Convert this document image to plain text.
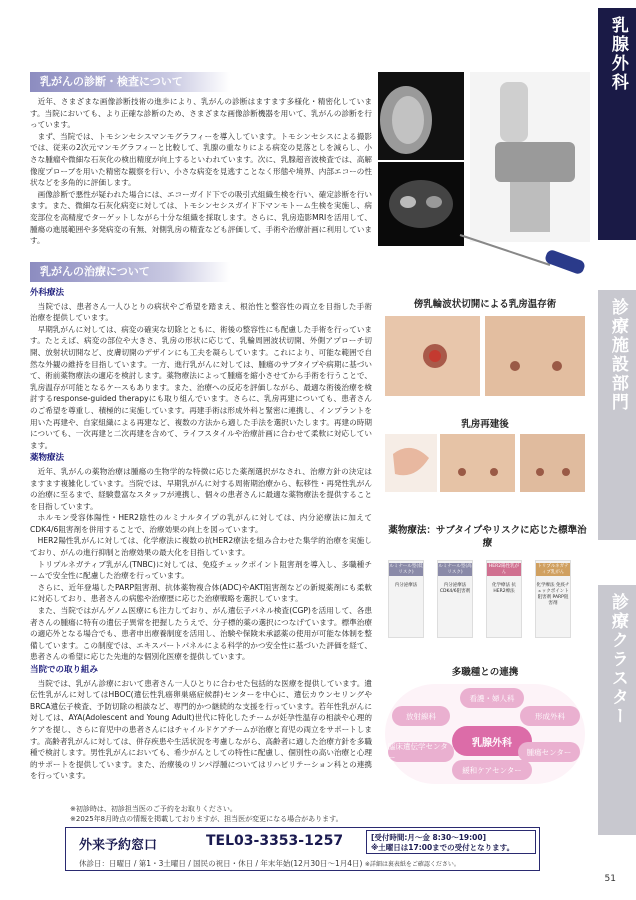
乳腺外科
診療施設部門
診療クラスター
51
乳がんの診断・検査について

近年、さまざまな画像診断技術の進歩により、乳がんの診断はますます多様化・精密化しています。当院においても、より正確な診断のため、さまざまな画像診断機器を用いて、乳がんの診断を行っています。

まず、当院では、トモシンセシスマンモグラフィーを導入しています。トモシンセシスによる撮影では、従来の2次元マンモグラフィーと比較して、乳腺の重なりによる病変の見落としを減らし、小さな腫瘤や微細な石灰化の検出精度が向上するといわれています。次に、乳腺超音波検査では、高解像度プローブを用いた精密な観察を行い、小さな病変を見逃すことなく形態や境界、内部エコーの性状などを多角的に評価します。

画像診断で悪性が疑われた場合には、エコーガイド下での吸引式組織生検を行い、確定診断を行います。また、微細な石灰化病変に対しては、トモシンセシスガイド下マンモトーム生検を実施し、病変部位を高精度でターゲットしながら十分な組織を採取します。さらに、乳房造影MRIを活用して、腫瘍の進展範囲や多発病変の有無、対側乳房の精査なども評価して、手術や治療計画に利用しています。

乳がんの治療について
外科療法

当院では、患者さん一人ひとりの病状やご希望を踏まえ、根治性と整容性の両立を目指した手術治療を提供しています。

早期乳がんに対しては、病変の確実な切除とともに、術後の整容性にも配慮した手術を行っています。たとえば、病変の部位や大きさ、乳房の形状に応じて、乳輪周囲波状切開、外側アプローチ切開、放射状切開など、皮膚切開のデザインにも工夫を凝らしています。これにより、可能な範囲で自然な外観の維持を目指しています。一方、進行乳がんに対しては、腫瘍のサブタイプや病期に基づいて、術前薬物療法の適応を検討します。薬物療法によって腫瘍を縮小させてから手術を行うことで、乳房温存が可能となるケースもあります。また、治療への反応を評価しながら、最適な術後治療を検討するresponse-guided therapyにも取り組んでいます。さらに、乳房再建についても、患者さんのご希望を尊重し、積極的に実施しています。再建手術は形成外科と緊密に連携し、インプラントを用いた再建や、自家組織による再建など、複数の方法から適した手法を選択いたします。再建の時期についても、一次再建と二次再建を含めて、ライフスタイルや治療計画に合わせて柔軟に対応しています。

薬物療法

近年、乳がんの薬物治療は腫瘍の生物学的な特徴に応じた薬剤選択がなされ、治療方針の決定はますます複雑化しています。当院では、早期乳がんに対する周術期治療から、転移性・再発性乳がんの治療に至るまで、経験豊富なスタッフが連携し、個々の患者さんに最適な薬物療法を提供することを目指しています。

ホルモン受容体陽性・HER2陰性のルミナルタイプの乳がんに対しては、内分泌療法に加えてCDK4/6阻害剤を併用することで、治療効果の向上を図っています。

HER2陽性乳がんに対しては、化学療法に複数の抗HER2療法を組み合わせた集学的治療を実施しており、がんの進行抑制と治療効果の最大化を目指しています。

トリプルネガティブ乳がん(TNBC)に対しては、免疫チェックポイント阻害剤を導入し、多職種チームで安全性に配慮した治療を行っています。

さらに、近年登場したPARP阻害剤、抗体薬物複合体(ADC)やAKT阻害剤などの新規薬剤にも柔軟に対応しており、患者さんの病態や治療歴に応じた治療戦略を選択しています。

また、当院ではがんゲノム医療にも注力しており、がん遺伝子パネル検査(CGP)を活用して、各患者さんの腫瘍に特有の遺伝子異常を把握したうえで、分子標的薬の選択につなげています。標準治療の適応外となる場合でも、患者申出療養制度を活用し、治験や保険未承認薬の使用が可能な体制を整備しています。この制度では、エキスパートパネルによる科学的かつ安全性に基づいた評価を経て、患者さんの希望に応じた先進的な個別化医療を提供しています。

当院での取り組み

当院では、乳がん診療において患者さん一人ひとりに合わせた包括的な医療を提供しています。遺伝性乳がんに対してはHBOC(遺伝性乳癌卵巣癌症候群)センターを中心に、遺伝カウンセリングやBRCA遺伝子検査、予防切除の相談など、専門的かつ継続的な支援を行っています。若年性乳がんに対しては、AYA(Adolescent and Young Adult)世代に特化したチームが妊孕性温存の相談や心理的ケアを提し、さらに育児中の患者さんにはチャイルドケアチームが治療と育児の両立をサポートします。高齢者乳がんに対しては、併存疾患や生活状況を考慮しながら、高齢者に適した治療方針を多職種で検討します。男性乳がんにおいても、希少がんとしての特性に配慮し、個別性の高い治療と心理的サポートを提供しています。また、治療後のリンパ浮腫についてはリハビリテーション科との連携を行っています。

傍乳輪波状切開による乳房温存術
乳房再建後
薬物療法：サブタイプやリスクに応じた標準治療
ルミナール型(低リスク)
内分泌療法
ルミナール型(高リスク)
内分泌療法 CDK4/6阻害剤
HER2陽性乳がん
化学療法 抗HER2療法
トリプルネガティブ乳がん
化学療法 免疫チェックポイント阻害剤 PARP阻害剤
多職種との連携
看護・婦人科
放射線科	形成外科
乳腺外科
臨床遺伝学センター
腫瘍センター
緩和ケアセンター
※初診時は、初診担当医のご予約をお取りください。
※2025年8月時点の情報を掲載しておりますが、担当医が変更になる場合があります。
外来予約窓口	TEL03-3353-1257	[受付時間:月〜金 8:30〜19:00]
※土曜日は17:00までの受付となります。
休診日：日曜日 / 第1・3土曜日 / 国民の祝日・休日 / 年末年始(12月30日〜1月4日) ※詳細は裏表紙をご確認ください。
